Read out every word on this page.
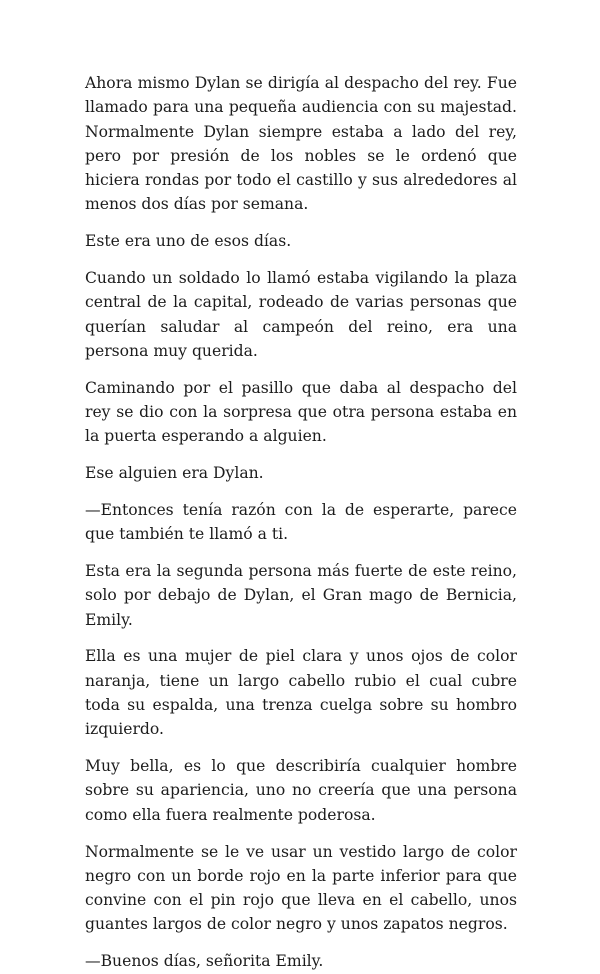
Ahora mismo Dylan se dirigía al despacho del rey. Fue llamado para una pequeña audiencia con su majestad. Normalmente Dylan siempre estaba a lado del rey, pero por presión de los nobles se le ordenó que hiciera rondas por todo el castillo y sus alrededores al menos dos días por semana.

Este era uno de esos días.

Cuando un soldado lo llamó estaba vigilando la plaza central de la capital, rodeado de varias personas que querían saludar al campeón del reino, era una persona muy querida.

Caminando por el pasillo que daba al despacho del rey se dio con la sorpresa que otra persona estaba en la puerta esperando a alguien.

Ese alguien era Dylan.

—Entonces tenía razón con la de esperarte, parece que también te llamó a ti.

Esta era la segunda persona más fuerte de este reino, solo por debajo de Dylan, el Gran mago de Bernicia, Emily.

Ella es una mujer de piel clara y unos ojos de color naranja, tiene un largo cabello rubio el cual cubre toda su espalda, una trenza cuelga sobre su hombro izquierdo.

Muy bella, es lo que describiría cualquier hombre sobre su apariencia, uno no creería que una persona como ella fuera realmente poderosa.

Normalmente se le ve usar un vestido largo de color negro con un borde rojo en la parte inferior para que convine con el pin rojo que lleva en el cabello, unos guantes largos de color negro y unos zapatos negros.

—Buenos días, señorita Emily.
